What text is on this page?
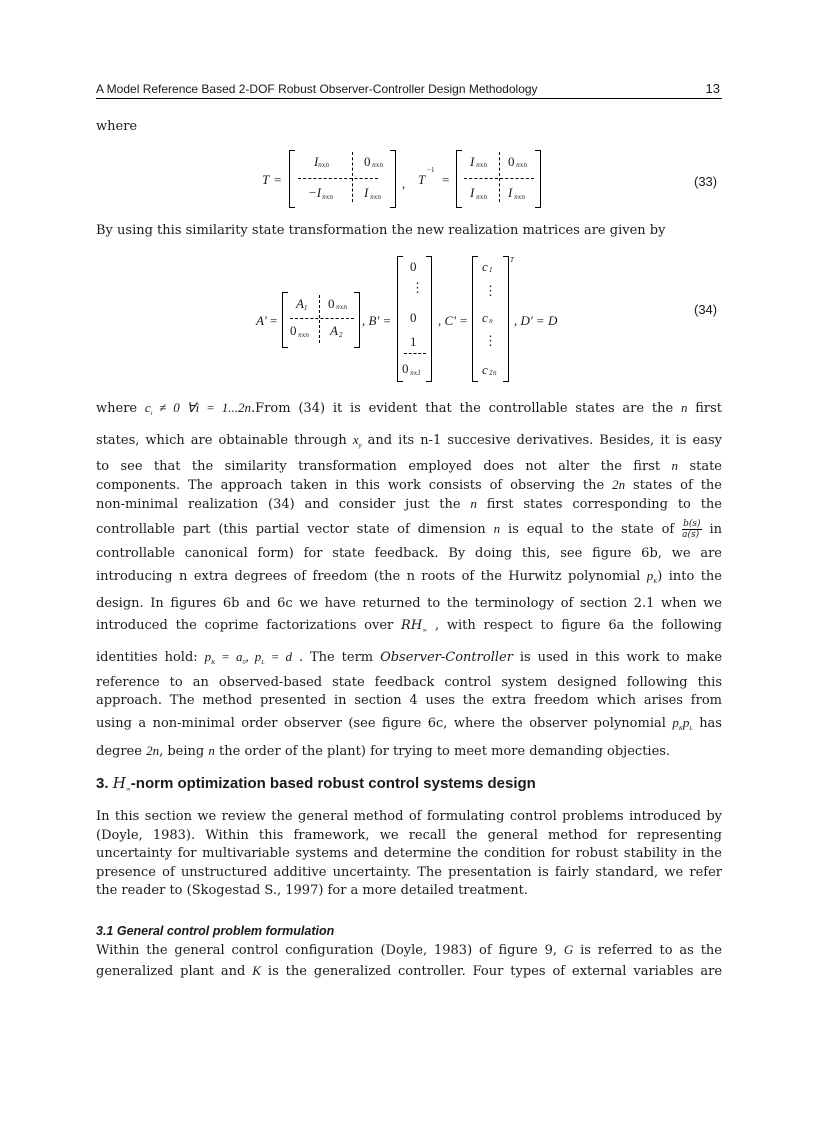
A Model Reference Based 2-DOF Robust Observer-Controller Design Methodology	13

where

T =
I nxn	0 nxn
−I nxn I nxn
, T
−1
=
I nxn 0 nxn
I nxn I nxn
(33)

By using this similarity state transformation the new realization matrices are given by

A' =
A 1 0 nxn
0 nxn A 2
, B' =
0
⋮
0
1
0 nx1
, C' =
c 1
⋮
c n
⋮
c 2n
T
, D' = D
(34)
where $c_i \ne 0$ ∀i = 1...2n.From (34) it is evident that the controllable states are the n first
states, which are obtainable through $x_p$ and its n-1 succesive derivatives. Besides, it is easy
to see that the similarity transformation employed does not alter the first n state
components. The approach taken in this work consists of observing the 2n states of the
non-minimal realization (34) and consider just the n first states corresponding to the
controllable part (this partial vector state of dimension n is equal to the state of $\frac{b(s)}{a(s)}$ in
controllable canonical form) for state feedback. By doing this, see figure 6b, we are
introducing n extra degrees of freedom (the n roots of the Hurwitz polynomial $p_K$) into the
design. In figures 6b and 6c we have returned to the terminology of section 2.1 when we
introduced the coprime factorizations over $RH_\infty$ , with respect to figure 6a the following
identities hold: $p_K = a_0$, $p_L = d$ . The term Observer-Controller is used in this work to make
reference to an observed-based state feedback control system designed following this
approach. The method presented in section 4 uses the extra freedom which arises from
using a non-minimal order observer (see figure 6c, where the observer polynomial $p_Kp_L$ has
degree 2n, being n the order of the plant) for trying to meet more demanding objecties.
3. $H_\infty$-norm optimization based robust control systems design
In this section we review the general method of formulating control problems introduced by
(Doyle, 1983). Within this framework, we recall the general method for representing
uncertainty for multivariable systems and determine the condition for robust stability in the
presence of unstructured additive uncertainty. The presentation is fairly standard, we refer
the reader to (Skogestad S., 1997) for a more detailed treatment.
3.1 General control problem formulation
Within the general control configuration (Doyle, 1983) of figure 9, G is referred to as the
generalized plant and K is the generalized controller. Four types of external variables are
